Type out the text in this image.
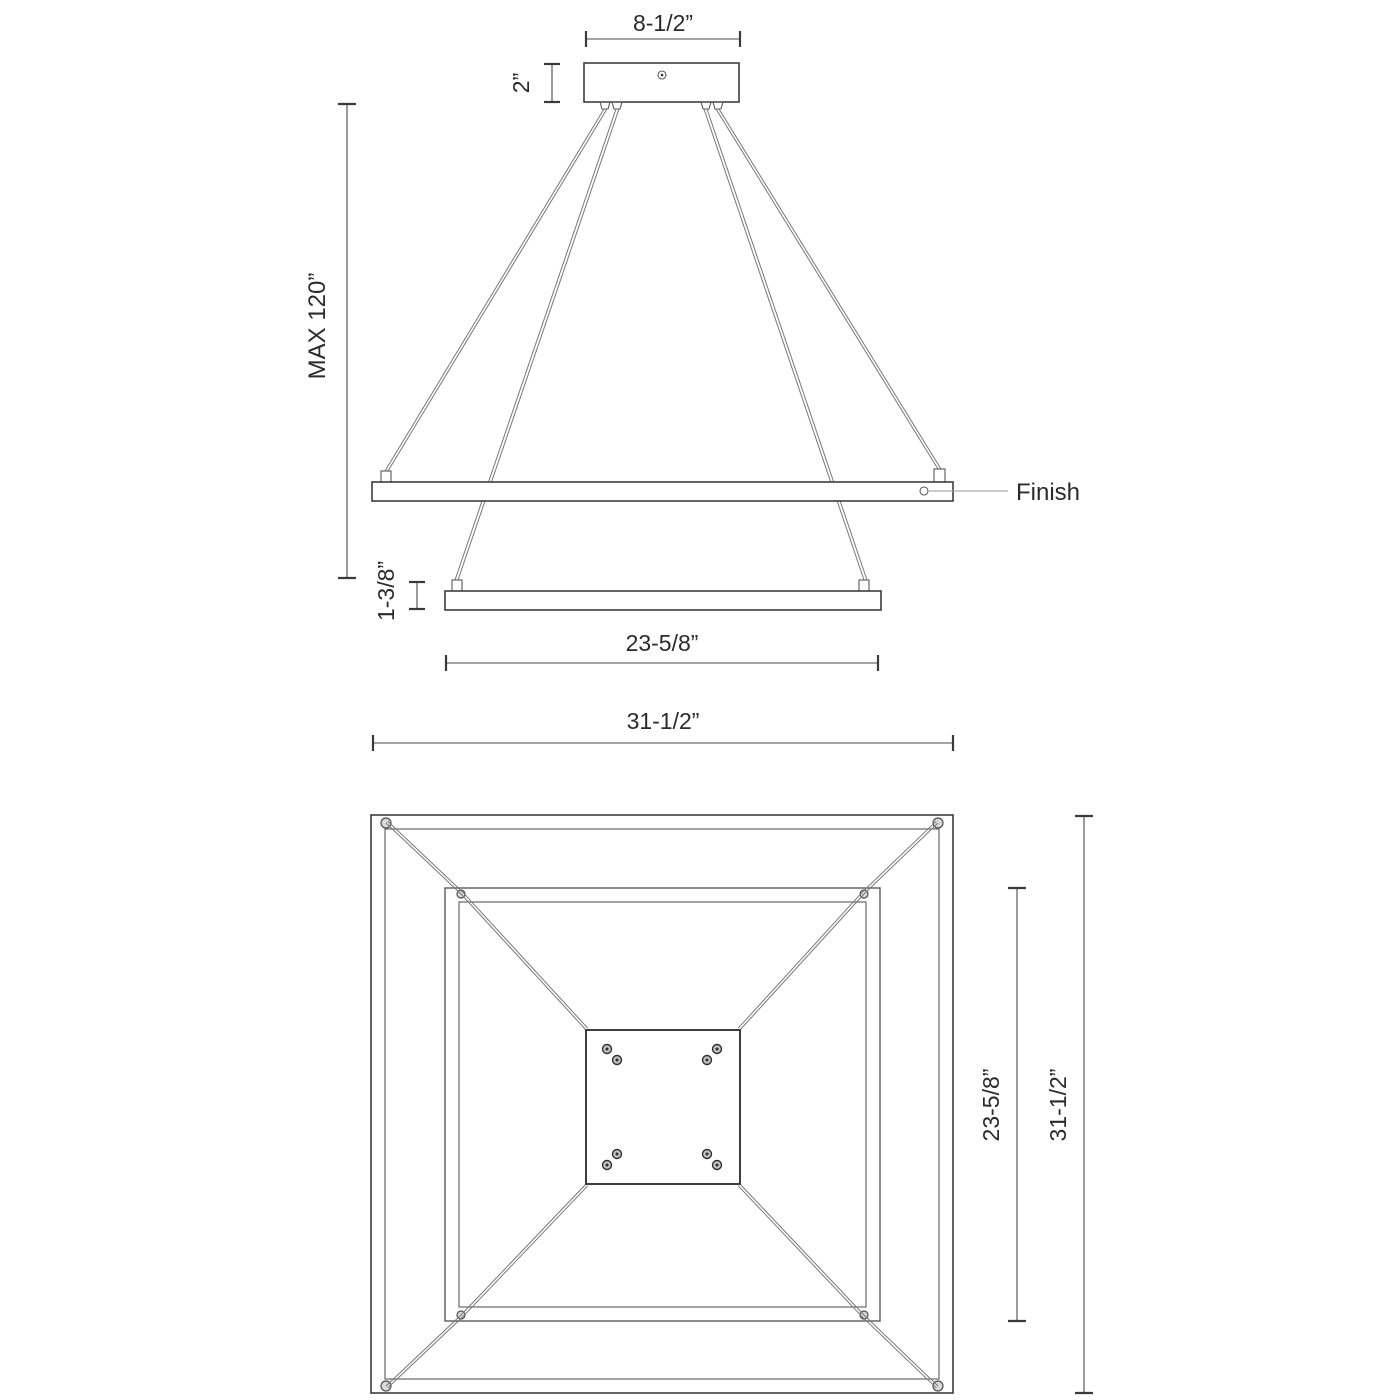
8-1/2”
2”
MAX 120”
Finish
1-3/8”
23-5/8”
31-1/2”
23-5/8” 31-1/2”
